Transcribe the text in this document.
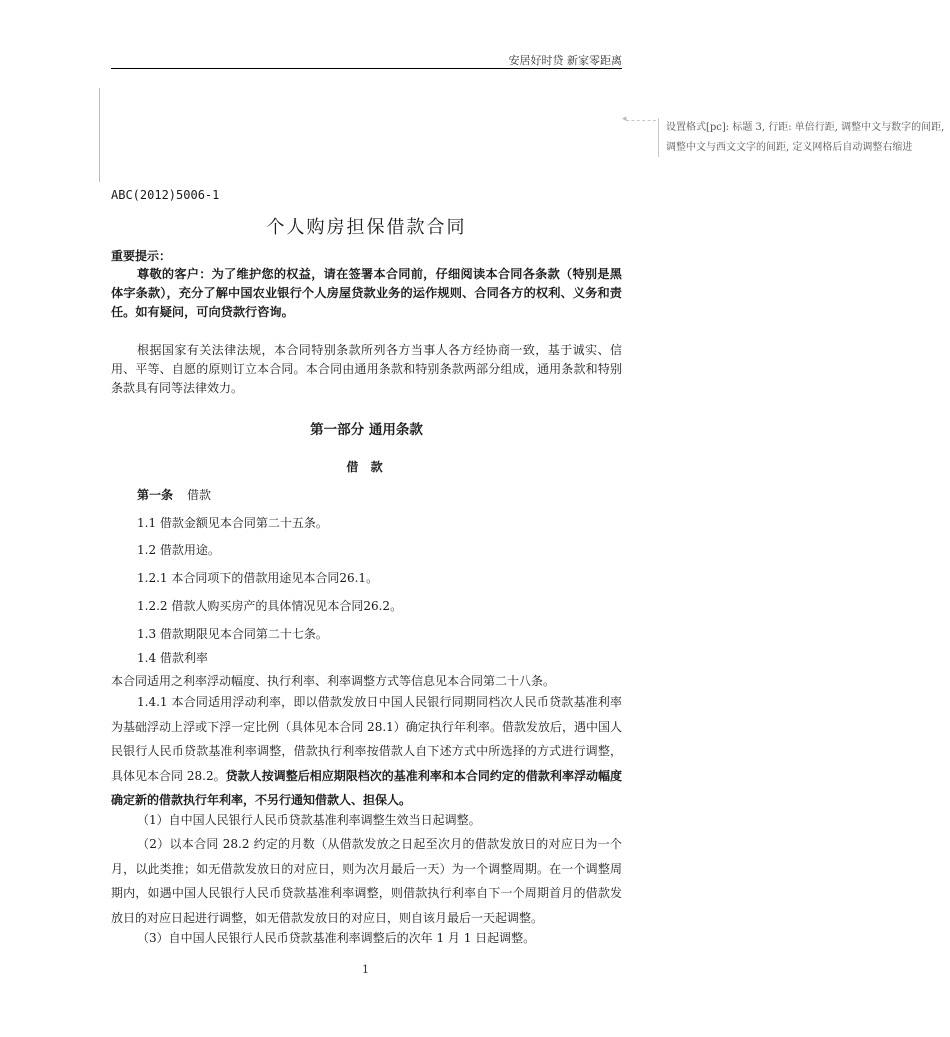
安居好时贷 新家零距离
◂
设置格式[pc]: 标题 3, 行距: 单倍行距, 调整中文与数字的间距, 调整中文与西文文字的间距, 定义网格后自动调整右缩进
ABC(2012)5006-1
个人购房担保借款合同
重要提示：
尊敬的客户：为了维护您的权益，请在签署本合同前，仔细阅读本合同各条款（特别是黑体字条款），充分了解中国农业银行个人房屋贷款业务的运作规则、合同各方的权利、义务和责任。如有疑问，可向贷款行咨询。
根据国家有关法律法规，本合同特别条款所列各方当事人各方经协商一致，基于诚实、信用、平等、自愿的原则订立本合同。本合同由通用条款和特别条款两部分组成，通用条款和特别条款具有同等法律效力。
第一部分 通用条款
借 款
第一条 借款
1.1 借款金额见本合同第二十五条。
1.2 借款用途。
1.2.1 本合同项下的借款用途见本合同26.1。
1.2.2 借款人购买房产的具体情况见本合同26.2。
1.3 借款期限见本合同第二十七条。
1.4 借款利率
本合同适用之利率浮动幅度、执行利率、利率调整方式等信息见本合同第二十八条。
1.4.1 本合同适用浮动利率，即以借款发放日中国人民银行同期同档次人民币贷款基准利率为基础浮动上浮或下浮一定比例（具体见本合同 28.1）确定执行年利率。借款发放后，遇中国人民银行人民币贷款基准利率调整，借款执行利率按借款人自下述方式中所选择的方式进行调整，具体见本合同 28.2。贷款人按调整后相应期限档次的基准利率和本合同约定的借款利率浮动幅度确定新的借款执行年利率，不另行通知借款人、担保人。
（1）自中国人民银行人民币贷款基准利率调整生效当日起调整。
（2）以本合同 28.2 约定的月数（从借款发放之日起至次月的借款发放日的对应日为一个月，以此类推；如无借款发放日的对应日，则为次月最后一天）为一个调整周期。在一个调整周期内，如遇中国人民银行人民币贷款基准利率调整，则借款执行利率自下一个周期首月的借款发放日的对应日起进行调整，如无借款发放日的对应日，则自该月最后一天起调整。
（3）自中国人民银行人民币贷款基准利率调整后的次年 1 月 1 日起调整。
1
